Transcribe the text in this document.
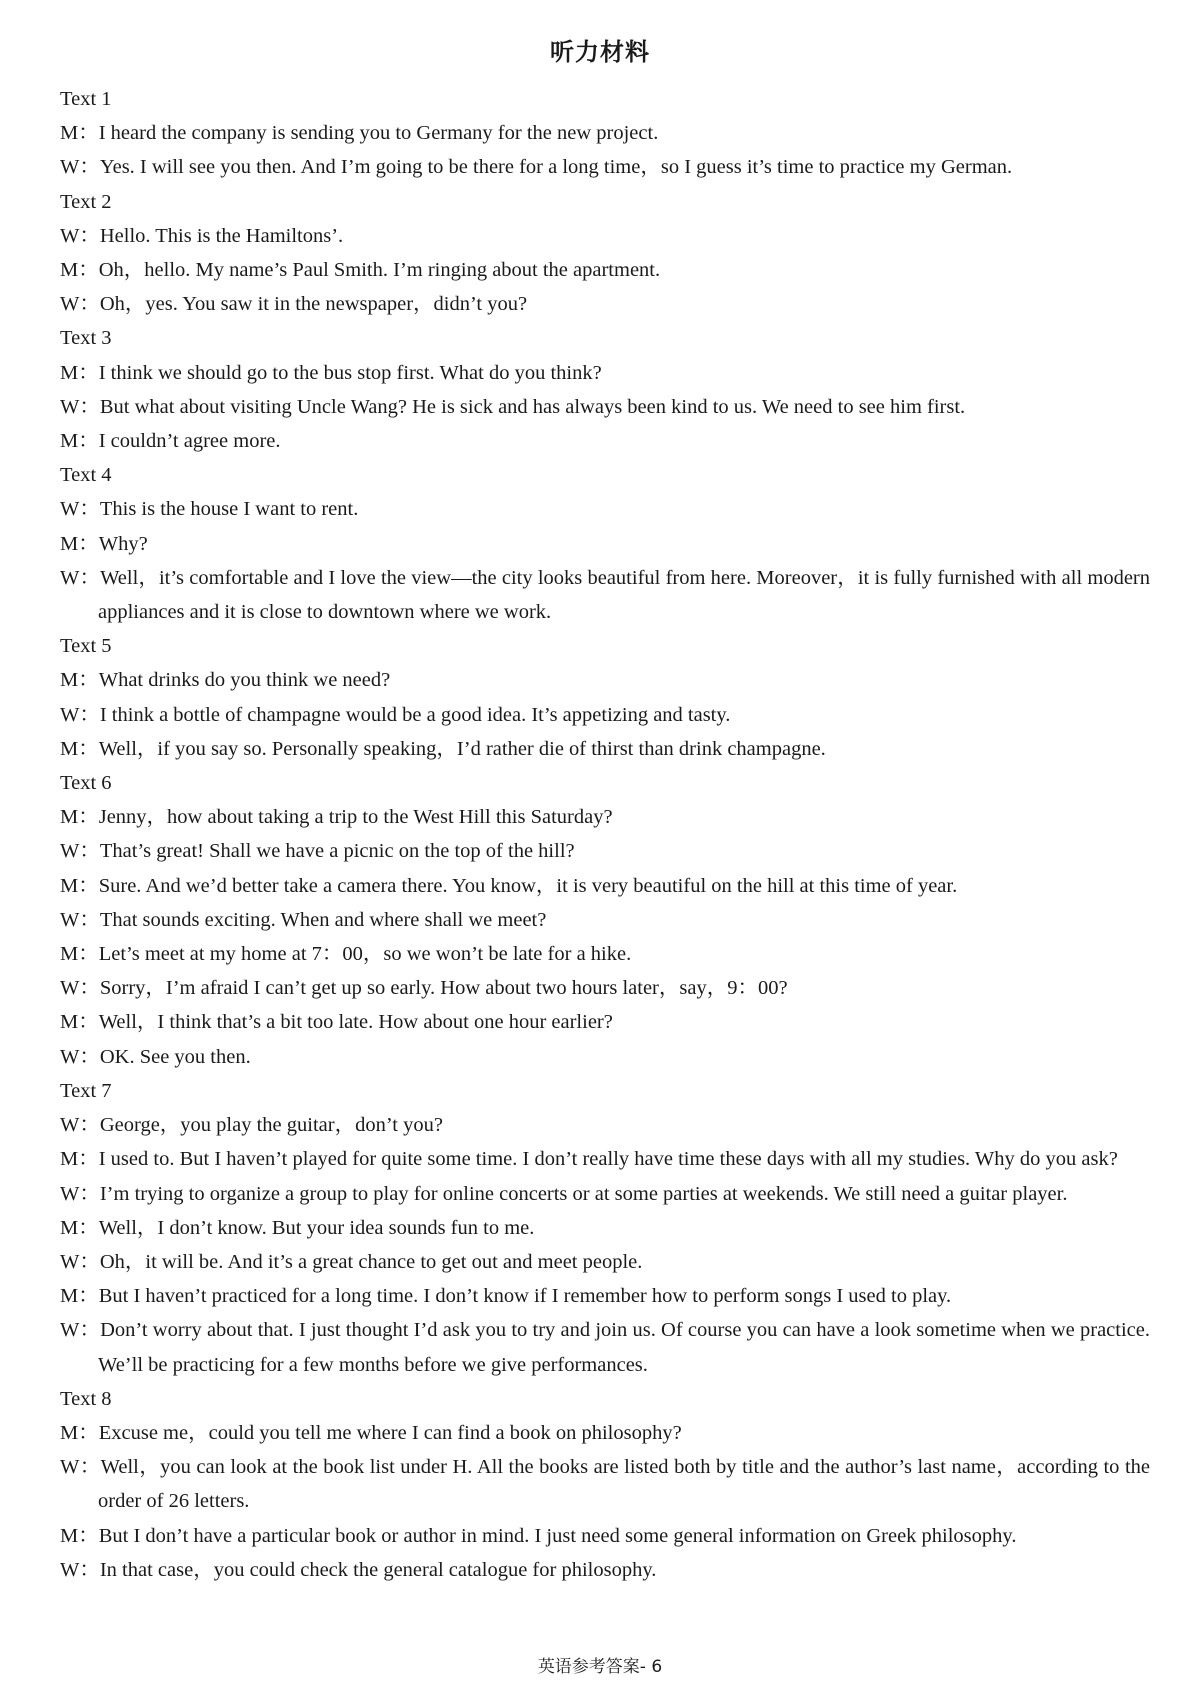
听力材料
Text 1
M：I heard the company is sending you to Germany for the new project.
W：Yes. I will see you then. And I’m going to be there for a long time，so I guess it’s time to practice my German.
Text 2
W：Hello. This is the Hamiltons’.
M：Oh，hello. My name’s Paul Smith. I’m ringing about the apartment.
W：Oh，yes. You saw it in the newspaper，didn’t you?
Text 3
M：I think we should go to the bus stop first. What do you think?
W：But what about visiting Uncle Wang? He is sick and has always been kind to us. We need to see him first.
M：I couldn’t agree more.
Text 4
W：This is the house I want to rent.
M：Why?
W：Well，it’s comfortable and I love the view—the city looks beautiful from here. Moreover，it is fully furnished with all modern appliances and it is close to downtown where we work.
Text 5
M：What drinks do you think we need?
W：I think a bottle of champagne would be a good idea. It’s appetizing and tasty.
M：Well，if you say so. Personally speaking，I’d rather die of thirst than drink champagne.
Text 6
M：Jenny，how about taking a trip to the West Hill this Saturday?
W：That’s great! Shall we have a picnic on the top of the hill?
M：Sure. And we’d better take a camera there. You know，it is very beautiful on the hill at this time of year.
W：That sounds exciting. When and where shall we meet?
M：Let’s meet at my home at 7：00，so we won’t be late for a hike.
W：Sorry，I’m afraid I can’t get up so early. How about two hours later，say，9：00?
M：Well，I think that’s a bit too late. How about one hour earlier?
W：OK. See you then.
Text 7
W：George，you play the guitar，don’t you?
M：I used to. But I haven’t played for quite some time. I don’t really have time these days with all my studies. Why do you ask?
W：I’m trying to organize a group to play for online concerts or at some parties at weekends. We still need a guitar player.
M：Well，I don’t know. But your idea sounds fun to me.
W：Oh，it will be. And it’s a great chance to get out and meet people.
M：But I haven’t practiced for a long time. I don’t know if I remember how to perform songs I used to play.
W：Don’t worry about that. I just thought I’d ask you to try and join us. Of course you can have a look sometime when we practice. We’ll be practicing for a few months before we give performances.
Text 8
M：Excuse me，could you tell me where I can find a book on philosophy?
W：Well，you can look at the book list under H. All the books are listed both by title and the author’s last name，according to the order of 26 letters.
M：But I don’t have a particular book or author in mind. I just need some general information on Greek philosophy.
W：In that case，you could check the general catalogue for philosophy.
英语参考答案- 6
